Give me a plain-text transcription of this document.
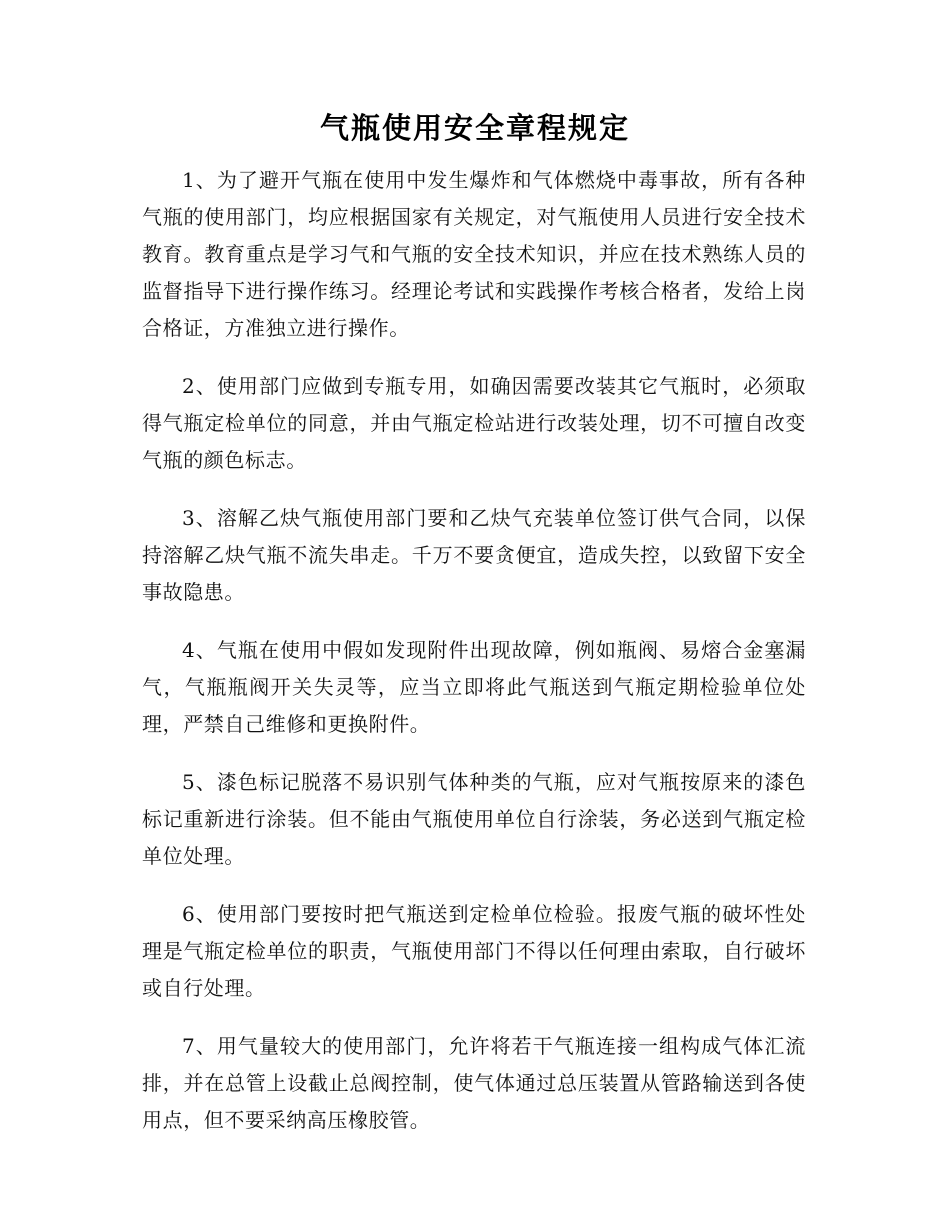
气瓶使用安全章程规定

1、为了避开气瓶在使用中发生爆炸和气体燃烧中毒事故，所有各种气瓶的使用部门，均应根据国家有关规定，对气瓶使用人员进行安全技术教育。教育重点是学习气和气瓶的安全技术知识，并应在技术熟练人员的监督指导下进行操作练习。经理论考试和实践操作考核合格者，发给上岗合格证，方准独立进行操作。

2、使用部门应做到专瓶专用，如确因需要改装其它气瓶时，必须取得气瓶定检单位的同意，并由气瓶定检站进行改装处理，切不可擅自改变气瓶的颜色标志。

3、溶解乙炔气瓶使用部门要和乙炔气充装单位签订供气合同，以保持溶解乙炔气瓶不流失串走。千万不要贪便宜，造成失控，以致留下安全事故隐患。

4、气瓶在使用中假如发现附件出现故障，例如瓶阀、易熔合金塞漏气，气瓶瓶阀开关失灵等，应当立即将此气瓶送到气瓶定期检验单位处理，严禁自己维修和更换附件。

5、漆色标记脱落不易识别气体种类的气瓶，应对气瓶按原来的漆色标记重新进行涂装。但不能由气瓶使用单位自行涂装，务必送到气瓶定检单位处理。

6、使用部门要按时把气瓶送到定检单位检验。报废气瓶的破坏性处理是气瓶定检单位的职责，气瓶使用部门不得以任何理由索取，自行破坏或自行处理。

7、用气量较大的使用部门，允许将若干气瓶连接一组构成气体汇流排，并在总管上设截止总阀控制，使气体通过总压装置从管路输送到各使用点，但不要采纳高压橡胶管。
